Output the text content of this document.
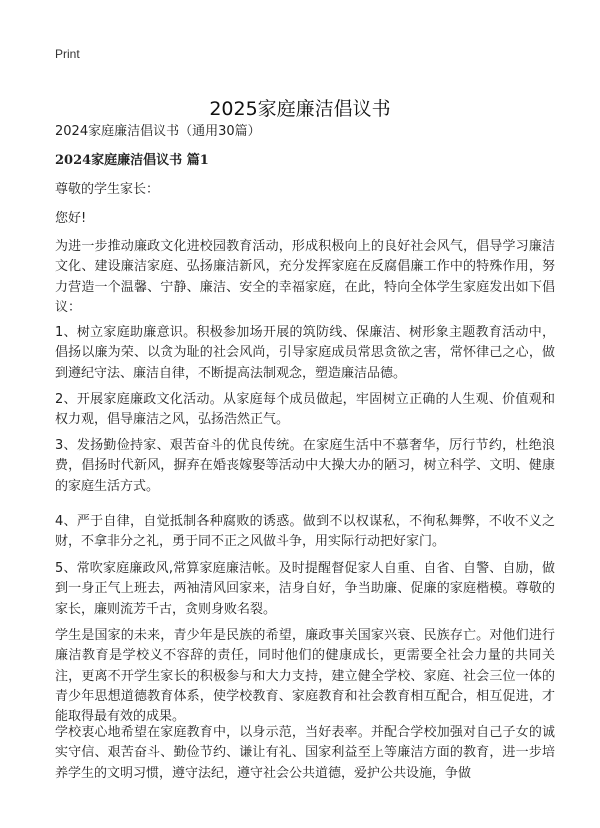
Print
2025家庭廉洁倡议书
2024家庭廉洁倡议书（通用30篇）
2024家庭廉洁倡议书 篇1
尊敬的学生家长：
您好!

为进一步推动廉政文化进校园教育活动，形成积极向上的良好社会风气，倡导学习廉洁文化、建设廉洁家庭、弘扬廉洁新风，充分发挥家庭在反腐倡廉工作中的特殊作用，努力营造一个温馨、宁静、廉洁、安全的幸福家庭，在此，特向全体学生家庭发出如下倡议：

1、树立家庭助廉意识。积极参加场开展的筑防线、保廉洁、树形象主题教育活动中，倡扬以廉为荣、以贪为耻的社会风尚，引导家庭成员常思贪欲之害，常怀律己之心，做到遵纪守法、廉洁自律，不断提高法制观念，塑造廉洁品德。

2、开展家庭廉政文化活动。从家庭每个成员做起，牢固树立正确的人生观、价值观和权力观，倡导廉洁之风，弘扬浩然正气。

3、发扬勤俭持家、艰苦奋斗的优良传统。在家庭生活中不慕奢华，厉行节约，杜绝浪费，倡扬时代新风，摒弃在婚丧嫁娶等活动中大操大办的陋习，树立科学、文明、健康的家庭生活方式。

4、严于自律，自觉抵制各种腐败的诱惑。做到不以权谋私，不徇私舞弊，不收不义之财，不拿非分之礼，勇于同不正之风做斗争，用实际行动把好家门。

5、常吹家庭廉政风,常算家庭廉洁帐。及时提醒督促家人自重、自省、自警、自励，做到一身正气上班去，两袖清风回家来，洁身自好，争当助廉、促廉的家庭楷模。尊敬的家长，廉则流芳千古，贪则身败名裂。

学生是国家的未来，青少年是民族的希望，廉政事关国家兴衰、民族存亡。对他们进行廉洁教育是学校义不容辞的责任，同时他们的健康成长，更需要全社会力量的共同关注，更离不开学生家长的积极参与和大力支持，建立健全学校、家庭、社会三位一体的青少年思想道德教育体系，使学校教育、家庭教育和社会教育相互配合，相互促进，才能取得最有效的成果。

学校衷心地希望在家庭教育中，以身示范，当好表率。并配合学校加强对自己子女的诚实守信、艰苦奋斗、勤俭节约、谦让有礼、国家利益至上等廉洁方面的教育，进一步培养学生的文明习惯，遵守法纪，遵守社会公共道德，爱护公共设施，争做
